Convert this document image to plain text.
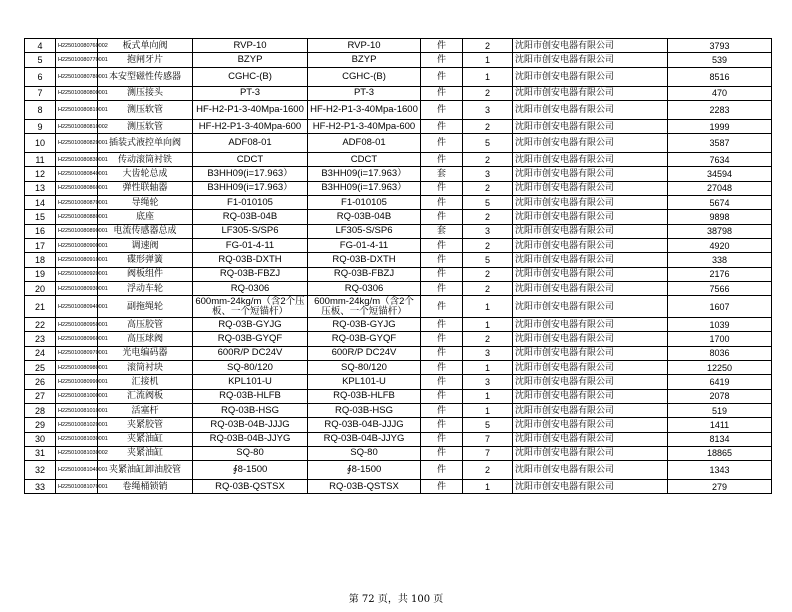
4	H225010080760002	板式单向阀	RVP-10	RVP-10	件	2	沈阳市创安电器有限公司	3793
5	H225010080770001	抱闸牙片	BZYP	BZYP	件	1	沈阳市创安电器有限公司	539
6	H225010080780001	本安型磁性传感器	CGHC-(B)	CGHC-(B)	件	1	沈阳市创安电器有限公司	8516
7	H225010080800001	测压接头	PT-3	PT-3	件	2	沈阳市创安电器有限公司	470
8	H225010080810001	测压软管	HF-H2-P1-3-40Mpa-1600	HF-H2-P1-3-40Mpa-1600	件	3	沈阳市创安电器有限公司	2283
9	H225010080810002	测压软管	HF-H2-P1-3-40Mpa-600	HF-H2-P1-3-40Mpa-600	件	2	沈阳市创安电器有限公司	1999
10	H225010080820001	插装式液控单向阀	ADF08-01	ADF08-01	件	5	沈阳市创安电器有限公司	3587
11	H225010080830001	传动滚筒衬铁	CDCT	CDCT	件	2	沈阳市创安电器有限公司	7634
12	H225010080840001	大齿轮总成	B3HH09(i=17.963）	B3HH09(i=17.963）	套	3	沈阳市创安电器有限公司	34594
13	H225010080860001	弹性联轴器	B3HH09(i=17.963）	B3HH09(i=17.963）	件	2	沈阳市创安电器有限公司	27048
14	H225010080870001	导绳轮	F1-010105	F1-010105	件	5	沈阳市创安电器有限公司	5674
15	H225010080880001	底座	RQ-03B-04B	RQ-03B-04B	件	2	沈阳市创安电器有限公司	9898
16	H225010080890001	电流传感器总成	LF305-S/SP6	LF305-S/SP6	套	3	沈阳市创安电器有限公司	38798
17	H225010080900001	调速阀	FG-01-4-11	FG-01-4-11	件	2	沈阳市创安电器有限公司	4920
18	H225010080910001	碟形弹簧	RQ-03B-DXTH	RQ-03B-DXTH	件	5	沈阳市创安电器有限公司	338
19	H225010080920001	阀板组件	RQ-03B-FBZJ	RQ-03B-FBZJ	件	2	沈阳市创安电器有限公司	2176
20	H225010080930001	浮动车轮	RQ-0306	RQ-0306	件	2	沈阳市创安电器有限公司	7566
21	H225010080940001	副拖绳轮	600mm-24kg/m（含2个压板、一个短锚杆）	600mm-24kg/m（含2个压板、一个短锚杆）	件	1	沈阳市创安电器有限公司	1607
22	H225010080950001	高压胶管	RQ-03B-GYJG	RQ-03B-GYJG	件	1	沈阳市创安电器有限公司	1039
23	H225010080960001	高压球阀	RQ-03B-GYQF	RQ-03B-GYQF	件	2	沈阳市创安电器有限公司	1700
24	H225010080970001	光电编码器	600R/P DC24V	600R/P DC24V	件	3	沈阳市创安电器有限公司	8036
25	H225010080980001	滚筒衬块	SQ-80/120	SQ-80/120	件	1	沈阳市创安电器有限公司	12250
26	H225010080990001	汇接机	KPL101-U	KPL101-U	件	3	沈阳市创安电器有限公司	6419
27	H225010081000001	汇流阀板	RQ-03B-HLFB	RQ-03B-HLFB	件	1	沈阳市创安电器有限公司	2078
28	H225010081010001	活塞杆	RQ-03B-HSG	RQ-03B-HSG	件	1	沈阳市创安电器有限公司	519
29	H225010081020001	夹紧胶管	RQ-03B-04B-JJJG	RQ-03B-04B-JJJG	件	5	沈阳市创安电器有限公司	1411
30	H225010081030001	夹紧油缸	RQ-03B-04B-JJYG	RQ-03B-04B-JJYG	件	7	沈阳市创安电器有限公司	8134
31	H225010081030002	夹紧油缸	SQ-80	SQ-80	件	7	沈阳市创安电器有限公司	18865
32	H225010081040001	夹紧油缸卸油胶管	∮8-1500	∮8-1500	件	2	沈阳市创安电器有限公司	1343
33	H225010081070001	卷绳桶锁销	RQ-03B-QSTSX	RQ-03B-QSTSX	件	1	沈阳市创安电器有限公司	279
第 72 页，共 100 页
